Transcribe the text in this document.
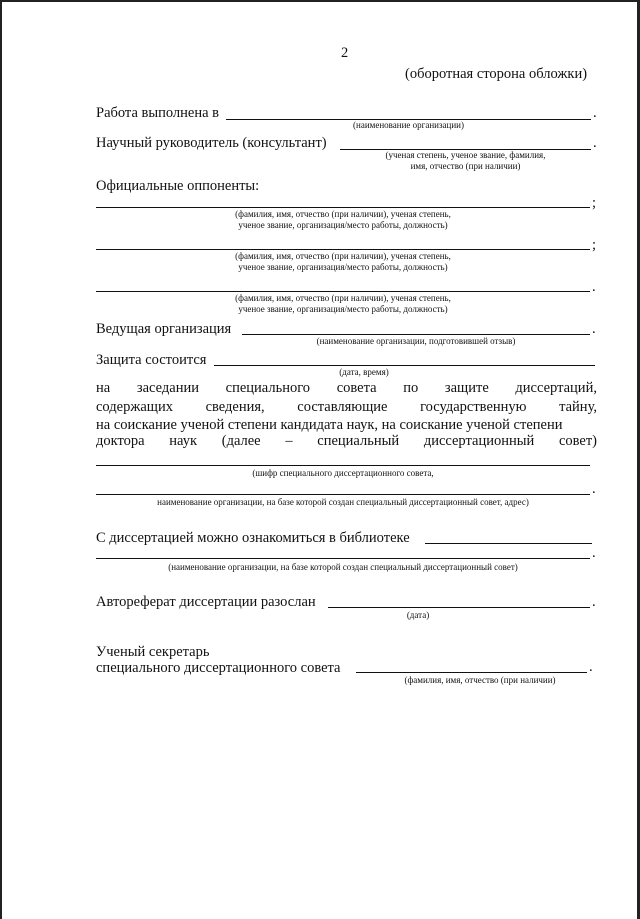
2
(оборотная сторона обложки)
Работа выполнена в	.
(наименование организации)
Научный руководитель (консультант)	.
(ученая степень, ученое звание, фамилия,
имя, отчество (при наличии)
Официальные оппоненты:
;
(фамилия, имя, отчество (при наличии), ученая степень,
ученое звание, организация/место работы, должность)
;
(фамилия, имя, отчество (при наличии), ученая степень,
ученое звание, организация/место работы, должность)
.
(фамилия, имя, отчество (при наличии), ученая степень,
ученое звание, организация/место работы, должность)
Ведущая организация	.
(наименование организации, подготовившей отзыв)
Защита состоится
(дата, время)
на заседании специального совета по защите диссертаций,
содержащих сведения, составляющие государственную тайну,
на соискание ученой степени кандидата наук, на соискание ученой степени
доктора наук (далее – специальный диссертационный совет)
(шифр специального диссертационного совета,
.
наименование организации, на базе которой создан специальный диссертационный совет, адрес)
С диссертацией можно ознакомиться в библиотеке
.
(наименование организации, на базе которой создан специальный диссертационный совет)
Автореферат диссертации разослан	.
(дата)
Ученый секретарь
специального диссертационного совета	.
(фамилия, имя, отчество (при наличии)
